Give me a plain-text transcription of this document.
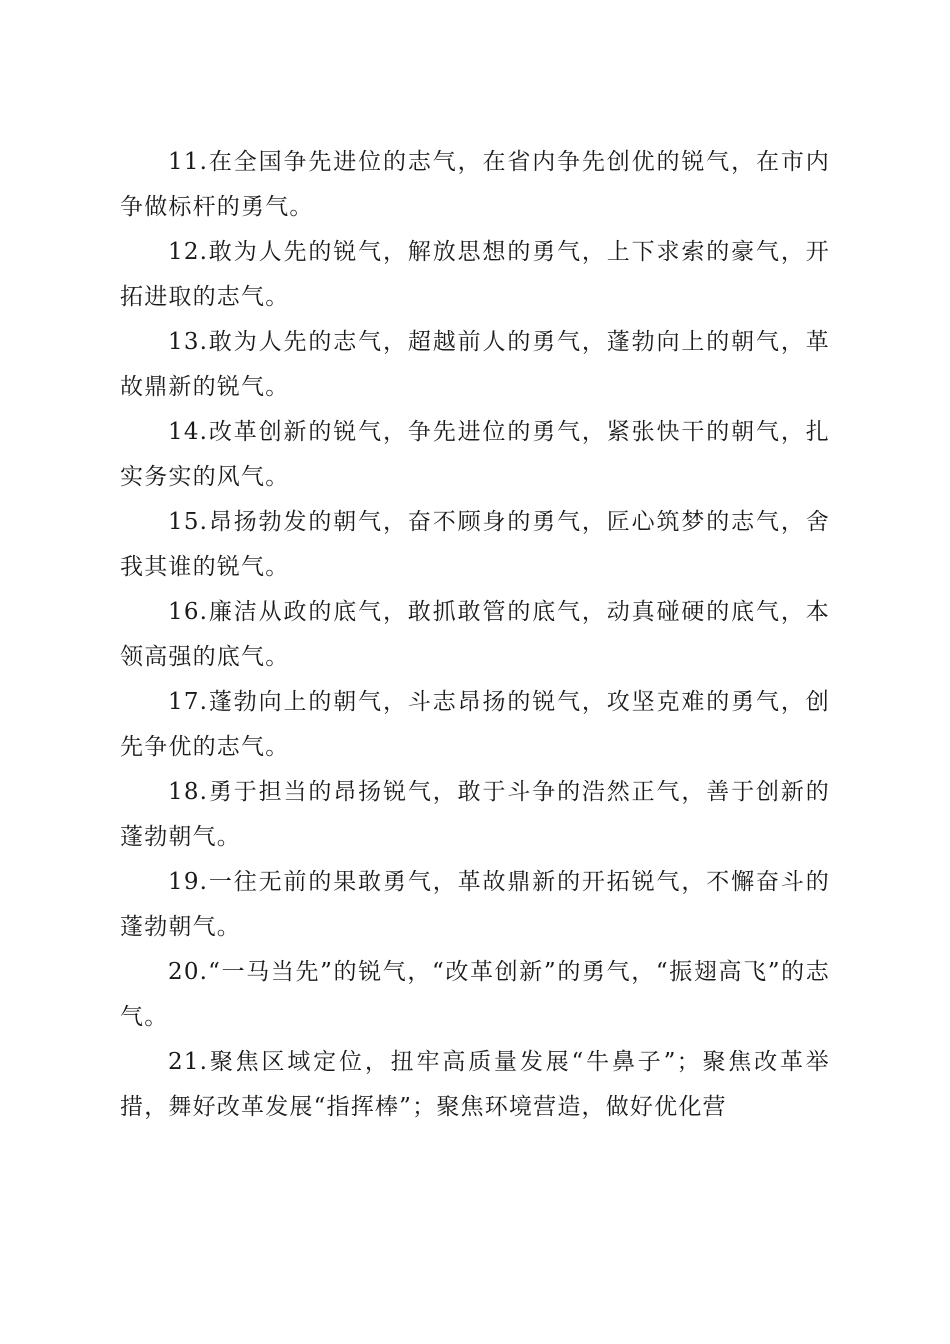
11.在全国争先进位的志气，在省内争先创优的锐气，在市内争做标杆的勇气。

12.敢为人先的锐气，解放思想的勇气，上下求索的豪气，开拓进取的志气。

13.敢为人先的志气，超越前人的勇气，蓬勃向上的朝气，革故鼎新的锐气。

14.改革创新的锐气，争先进位的勇气，紧张快干的朝气，扎实务实的风气。

15.昂扬勃发的朝气，奋不顾身的勇气，匠心筑梦的志气，舍我其谁的锐气。

16.廉洁从政的底气，敢抓敢管的底气，动真碰硬的底气，本领高强的底气。

17.蓬勃向上的朝气，斗志昂扬的锐气，攻坚克难的勇气，创先争优的志气。

18.勇于担当的昂扬锐气，敢于斗争的浩然正气，善于创新的蓬勃朝气。

19.一往无前的果敢勇气，革故鼎新的开拓锐气，不懈奋斗的蓬勃朝气。

20.“一马当先”的锐气，“改革创新”的勇气，“振翅高飞”的志气。

21.聚焦区域定位，扭牢高质量发展“牛鼻子”；聚焦改革举措，舞好改革发展“指挥棒”；聚焦环境营造，做好优化营
